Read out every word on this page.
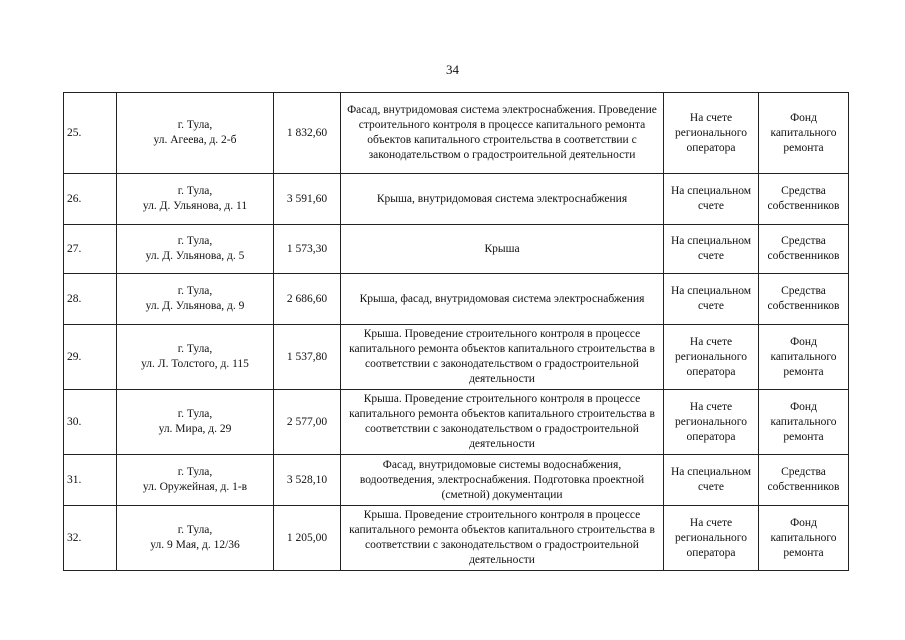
34
25.	г. Тула,
ул. Агеева, д. 2-б	1 832,60	Фасад, внутридомовая система электроснабжения. Проведение строительного контроля в процессе капитального ремонта объектов капитального строительства в соответствии с законодательством о градостроительной деятельности	На счете регионального оператора	Фонд капитального ремонта
26.	г. Тула,
ул. Д. Ульянова, д. 11	3 591,60	Крыша, внутридомовая система электроснабжения	На специальном счете	Средства собственников
27.	г. Тула,
ул. Д. Ульянова, д. 5	1 573,30	Крыша	На специальном счете	Средства собственников
28.	г. Тула,
ул. Д. Ульянова, д. 9	2 686,60	Крыша, фасад, внутридомовая система электроснабжения	На специальном счете	Средства собственников
29.	г. Тула,
ул. Л. Толстого, д. 115	1 537,80	Крыша. Проведение строительного контроля в процессе капитального ремонта объектов капитального строительства в соответствии с законодательством о градостроительной деятельности	На счете регионального оператора	Фонд капитального ремонта
30.	г. Тула,
ул. Мира, д. 29	2 577,00	Крыша. Проведение строительного контроля в процессе капитального ремонта объектов капитального строительства в соответствии с законодательством о градостроительной деятельности	На счете регионального оператора	Фонд капитального ремонта
31.	г. Тула,
ул. Оружейная, д. 1-в	3 528,10	Фасад, внутридомовые системы водоснабжения, водоотведения, электроснабжения. Подготовка проектной (сметной) документации	На специальном счете	Средства собственников
32.	г. Тула,
ул. 9 Мая, д. 12/36	1 205,00	Крыша. Проведение строительного контроля в процессе капитального ремонта объектов капитального строительства в соответствии с законодательством о градостроительной деятельности	На счете регионального оператора	Фонд капитального ремонта
